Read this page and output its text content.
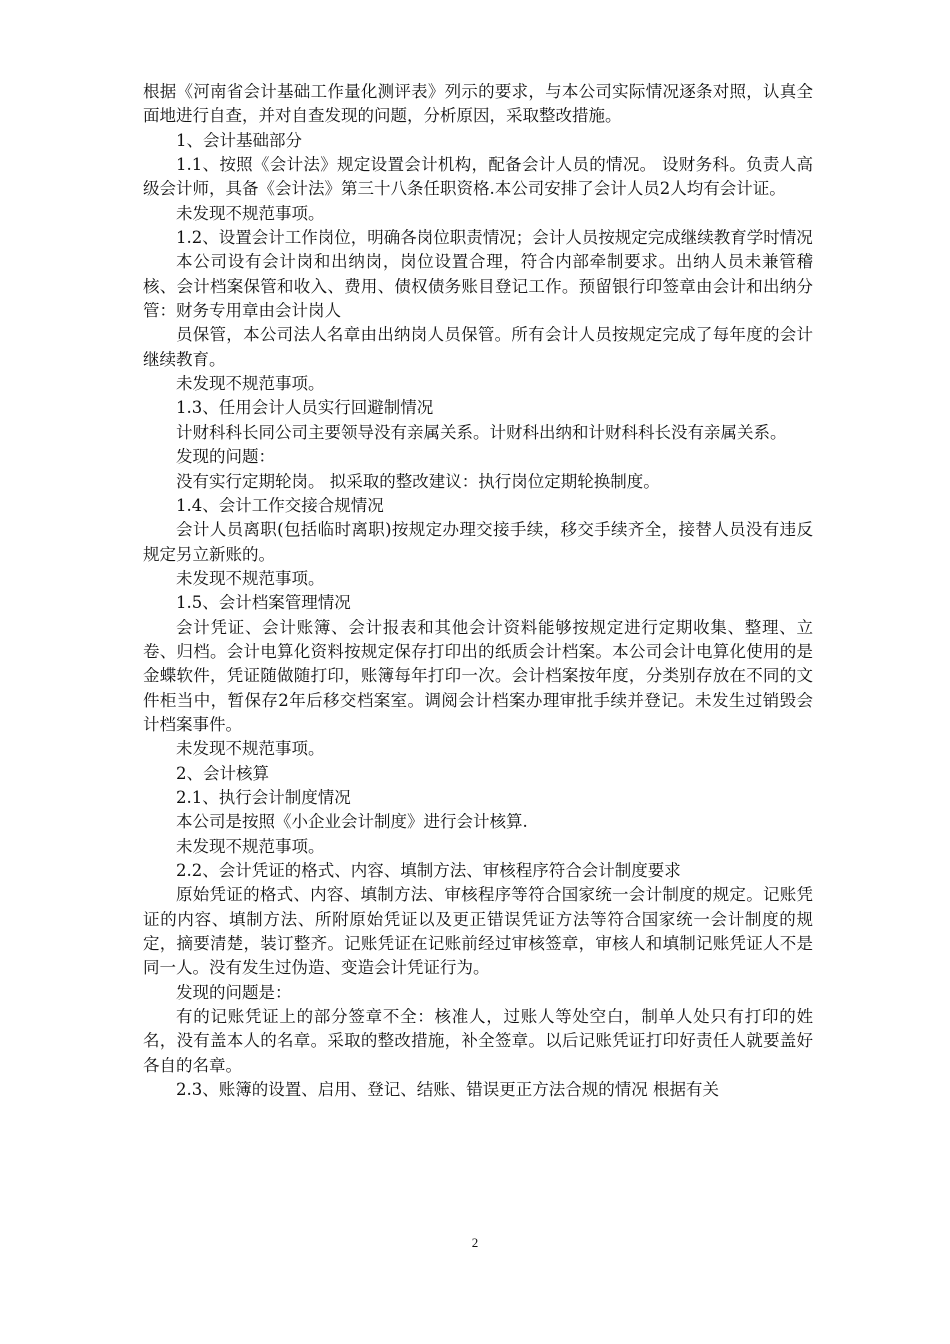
根据《河南省会计基础工作量化测评表》列示的要求，与本公司实际情况逐条对照，认真全面地进行自查，并对自查发现的问题，分析原因，采取整改措施。

1、会计基础部分

1.1、按照《会计法》规定设置会计机构，配备会计人员的情况。 设财务科。负责人高级会计师，具备《会计法》第三十八条任职资格.本公司安排了会计人员2人均有会计证。

未发现不规范事项。

1.2、设置会计工作岗位，明确各岗位职责情况；会计人员按规定完成继续教育学时情况

本公司设有会计岗和出纳岗，岗位设置合理，符合内部牵制要求。出纳人员未兼管稽核、会计档案保管和收入、费用、债权债务账目登记工作。预留银行印签章由会计和出纳分管：财务专用章由会计岗人

员保管，本公司法人名章由出纳岗人员保管。所有会计人员按规定完成了每年度的会计继续教育。

未发现不规范事项。

1.3、任用会计人员实行回避制情况

计财科科长同公司主要领导没有亲属关系。计财科出纳和计财科科长没有亲属关系。

发现的问题：

没有实行定期轮岗。 拟采取的整改建议：执行岗位定期轮换制度。

1.4、会计工作交接合规情况

会计人员离职(包括临时离职)按规定办理交接手续，移交手续齐全，接替人员没有违反规定另立新账的。

未发现不规范事项。

1.5、会计档案管理情况

会计凭证、会计账簿、会计报表和其他会计资料能够按规定进行定期收集、整理、立卷、归档。会计电算化资料按规定保存打印出的纸质会计档案。本公司会计电算化使用的是金蝶软件，凭证随做随打印，账簿每年打印一次。会计档案按年度，分类别存放在不同的文件柜当中，暂保存2年后移交档案室。调阅会计档案办理审批手续并登记。未发生过销毁会计档案事件。

未发现不规范事项。

2、会计核算

2.1、执行会计制度情况

本公司是按照《小企业会计制度》进行会计核算.

未发现不规范事项。

2.2、会计凭证的格式、内容、填制方法、审核程序符合会计制度要求

原始凭证的格式、内容、填制方法、审核程序等符合国家统一会计制度的规定。记账凭证的内容、填制方法、所附原始凭证以及更正错误凭证方法等符合国家统一会计制度的规定，摘要清楚，装订整齐。记账凭证在记账前经过审核签章，审核人和填制记账凭证人不是同一人。没有发生过伪造、变造会计凭证行为。

发现的问题是：

有的记账凭证上的部分签章不全：核准人，过账人等处空白，制单人处只有打印的姓名，没有盖本人的名章。采取的整改措施，补全签章。以后记账凭证打印好责任人就要盖好各自的名章。

2.3、账簿的设置、启用、登记、结账、错误更正方法合规的情况 根据有关

2
